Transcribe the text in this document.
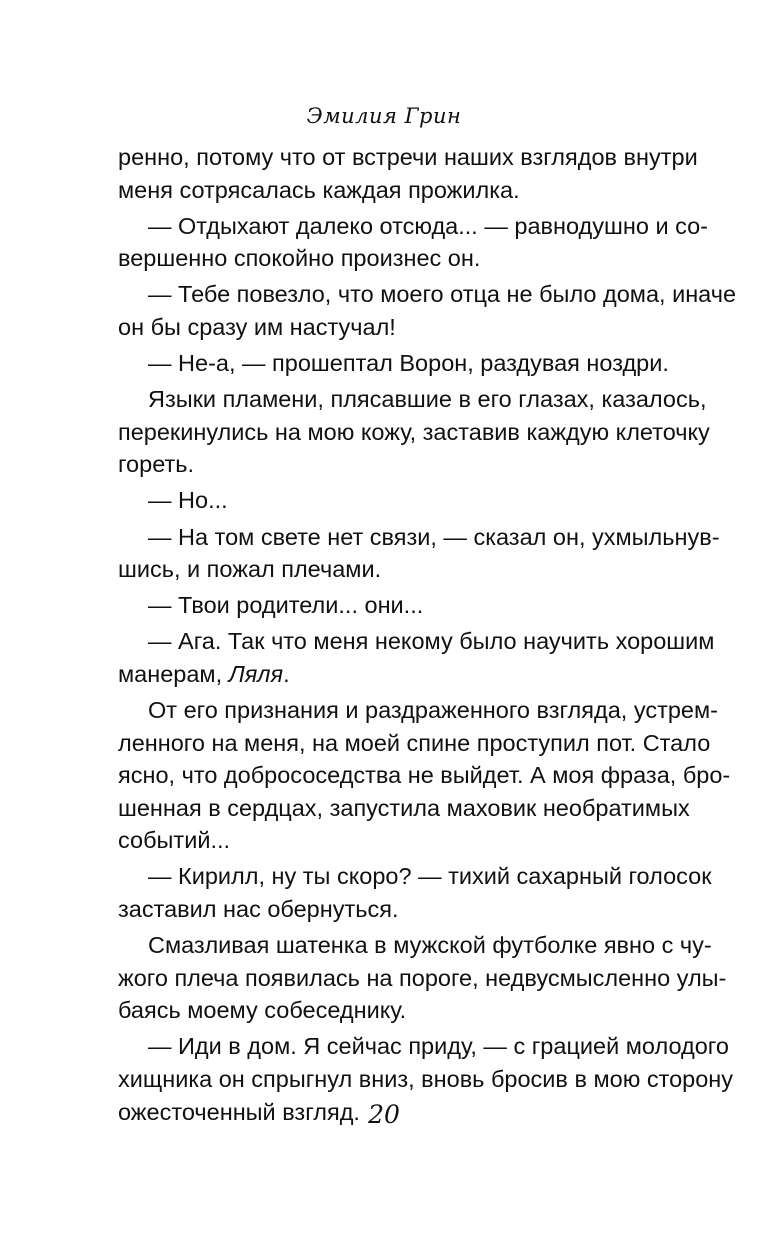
Эмилия Грин
ренно, потому что от встречи наших взглядов внутри
меня сотрясалась каждая прожилка.
— Отдыхают далеко отсюда... — равнодушно и со-
вершенно спокойно произнес он.
— Тебе повезло, что моего отца не было дома, иначе
он бы сразу им настучал!
— Не-а, — прошептал Ворон, раздувая ноздри.
Языки пламени, плясавшие в его глазах, казалось,
перекинулись на мою кожу, заставив каждую клеточку
гореть.
— Но...
— На том свете нет связи, — сказал он, ухмыльнув-
шись, и пожал плечами.
— Твои родители... они...
— Ага. Так что меня некому было научить хорошим
манерам, Ляля.
От его признания и раздраженного взгляда, устрем-
ленного на меня, на моей спине проступил пот. Стало
ясно, что добрососедства не выйдет. А моя фраза, бро-
шенная в сердцах, запустила маховик необратимых
событий...
— Кирилл, ну ты скоро? — тихий сахарный голосок
заставил нас обернуться.
Смазливая шатенка в мужской футболке явно с чу-
жого плеча появилась на пороге, недвусмысленно улы-
баясь моему собеседнику.
— Иди в дом. Я сейчас приду, — с грацией молодого
хищника он спрыгнул вниз, вновь бросив в мою сторону
ожесточенный взгляд. 20
